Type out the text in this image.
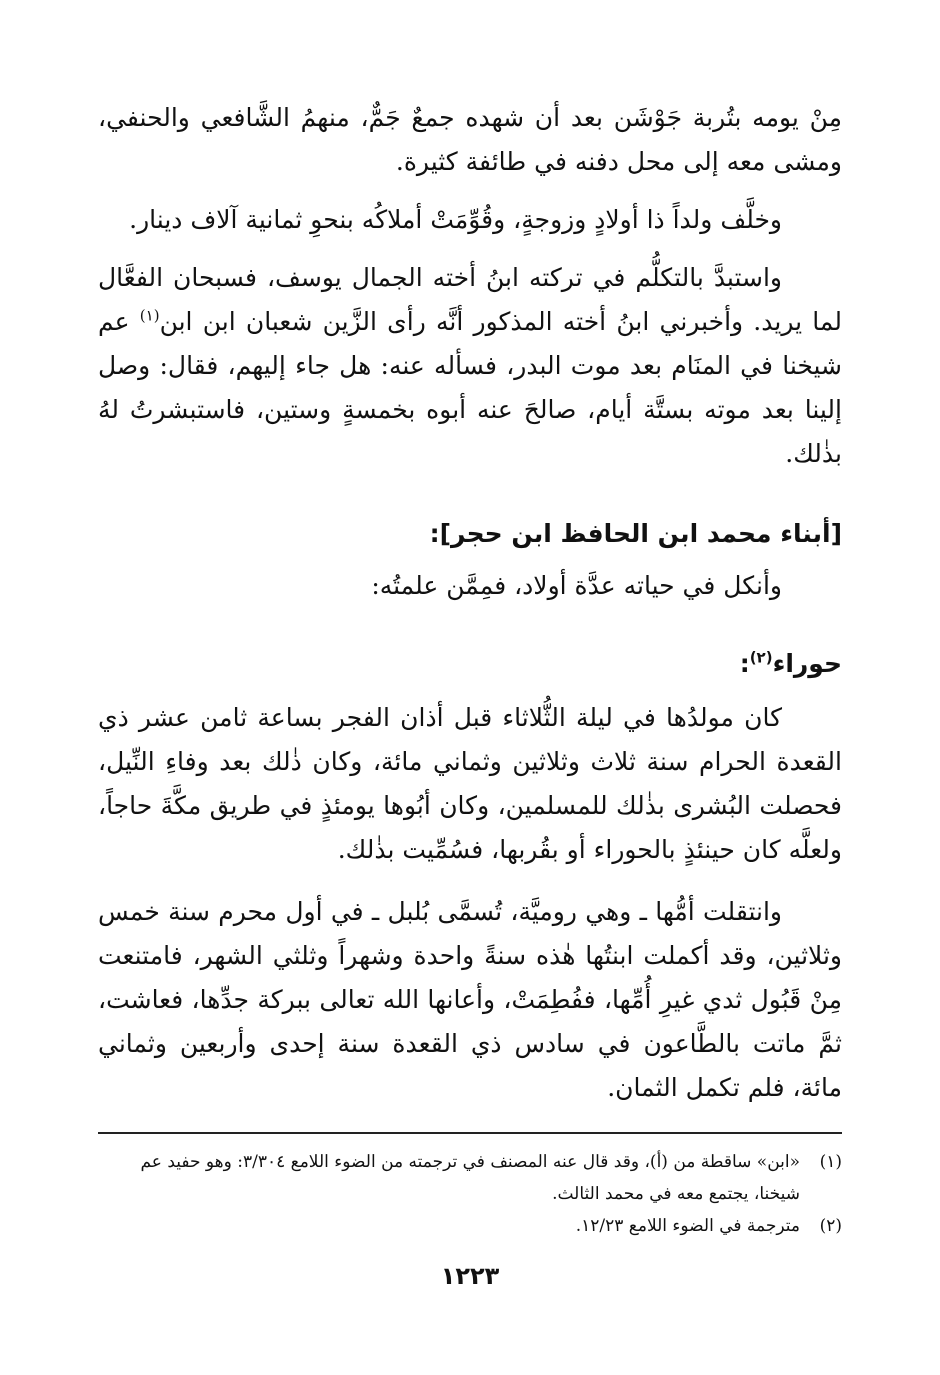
مِنْ يومه بتُربة جَوْشَن بعد أن شهده جمعٌ جَمٌّ، منهمُ الشَّافعي والحنفي، ومشى معه إلى محل دفنه في طائفة كثيرة.

وخلَّف ولداً ذا أولادٍ وزوجةٍ، وقُوِّمَتْ أملاكُه بنحوِ ثمانية آلاف دينار.

واستبدَّ بالتكلُّم في تركته ابنُ أخته الجمال يوسف، فسبحان الفعَّال لما يريد. وأخبرني ابنُ أخته المذكور أنَّه رأى الزَّين شعبان ابن ابن$^{(١)}$ عم شيخنا في المنَام بعد موت البدر، فسأله عنه: هل جاء إليهم، فقال: وصل إلينا بعد موته بستَّة أيام، صالحَ عنه أبوه بخمسةٍ وستين، فاستبشرتُ لهُ بذٰلك.

[أبناء محمد ابن الحافظ ابن حجر]:

وأنكل في حياته عدَّة أولاد، فمِمَّن علمتُه:

حوراء$^{(٢)}$:

كان مولدُها في ليلة الثُّلاثاء قبل أذان الفجر بساعة ثامن عشر ذي القعدة الحرام سنة ثلاث وثلاثين وثماني مائة، وكان ذٰلك بعد وفاءِ النِّيل، فحصلت البُشرى بذٰلك للمسلمين، وكان أبُوها يومئذٍ في طريق مكَّةَ حاجاً، ولعلَّه كان حينئذٍ بالحوراء أو بقُربها، فسُمِّيت بذٰلك.

وانتقلت أمُّها ـ وهي روميَّة، تُسمَّى بُلبل ـ في أول محرم سنة خمس وثلاثين، وقد أكملت ابنتُها هٰذه سنةً واحدة وشهراً وثلثي الشهر، فامتنعت مِنْ قَبُول ثدي غيرِ أُمِّها، ففُطِمَتْ، وأعانها الله تعالى ببركة جدِّها، فعاشت، ثمَّ ماتت بالطَّاعون في سادس ذي القعدة سنة إحدى وأربعين وثماني مائة، فلم تكمل الثمان.

(١)«ابن» ساقطة من (أ)، وقد قال عنه المصنف في ترجمته من الضوء اللامع ٣/٣٠٤: وهو حفيد عم شيخنا، يجتمع معه في محمد الثالث.

(٢)مترجمة في الضوء اللامع ١٢/٢٣.

١٢٢٣
